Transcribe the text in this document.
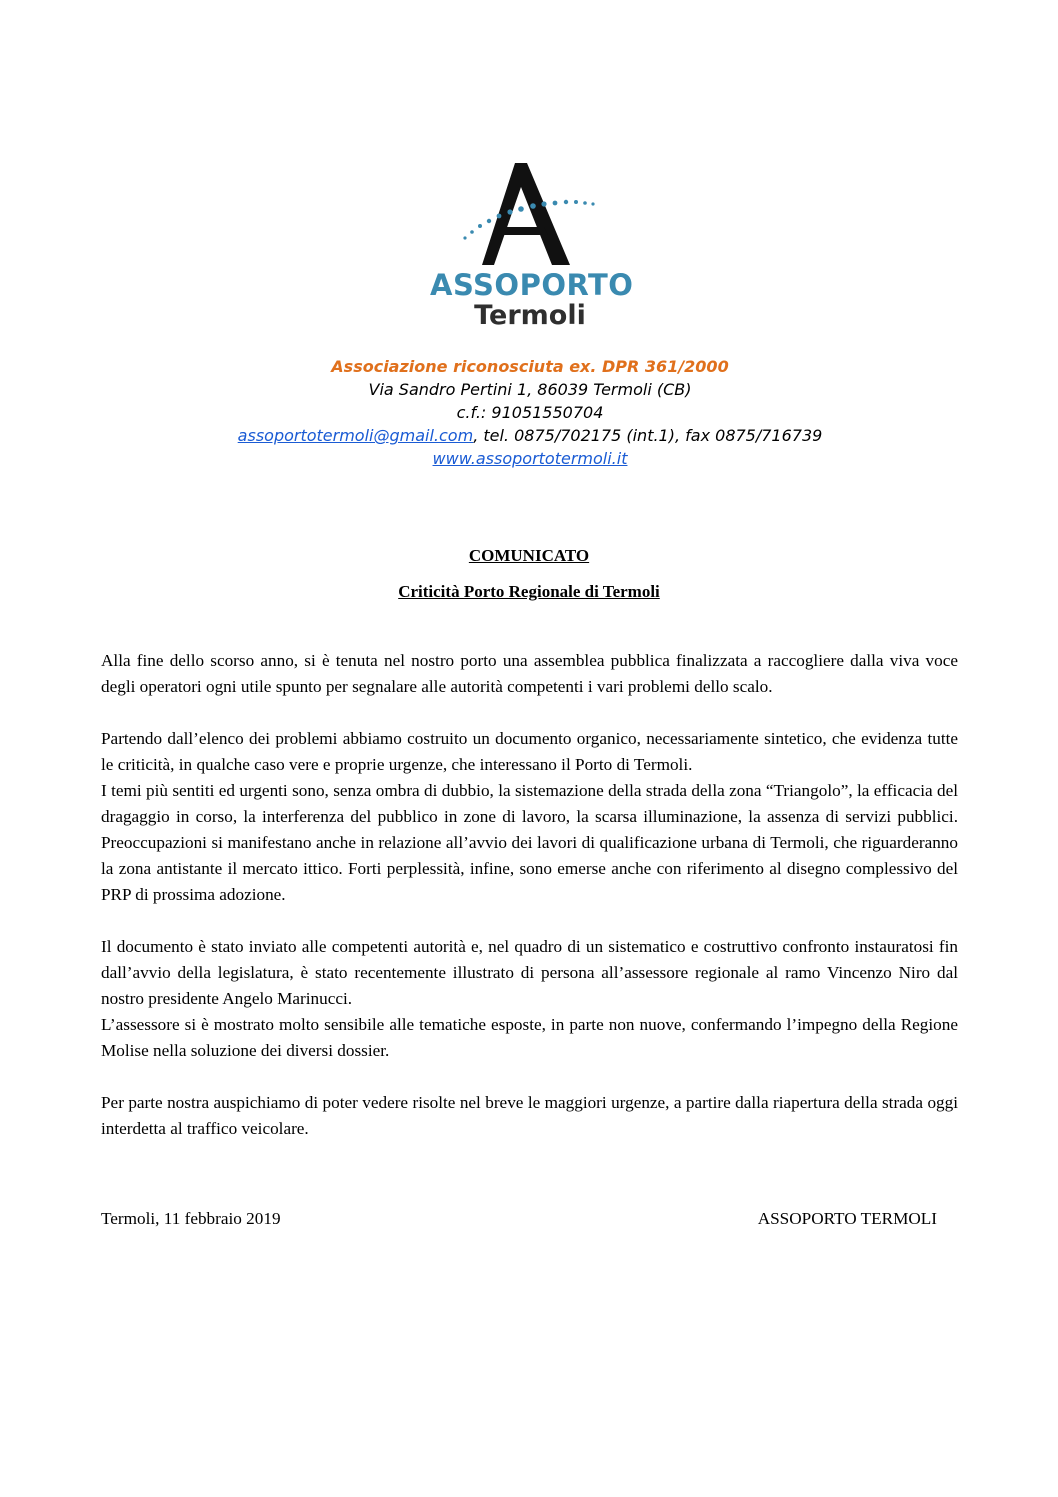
ASSOPORTO
Termoli
Associazione riconosciuta ex. DPR 361/2000
Via Sandro Pertini 1, 86039 Termoli (CB)
c.f.: 91051550704
assoportotermoli@gmail.com, tel. 0875/702175 (int.1), fax 0875/716739
www.assoportotermoli.it
COMUNICATO
Criticità Porto Regionale di Termoli

Alla fine dello scorso anno, si è tenuta nel nostro porto una assemblea pubblica finalizzata a raccogliere dalla viva voce degli operatori ogni utile spunto per segnalare alle autorità competenti i vari problemi dello scalo.

Partendo dall’elenco dei problemi abbiamo costruito un documento organico, necessariamente sintetico, che evidenza tutte le criticità, in qualche caso vere e proprie urgenze, che interessano il Porto di Termoli.

I temi più sentiti ed urgenti sono, senza ombra di dubbio, la sistemazione della strada della zona “Triangolo”, la efficacia del dragaggio in corso, la interferenza del pubblico in zone di lavoro, la scarsa illuminazione, la assenza di servizi pubblici. Preoccupazioni si manifestano anche in relazione all’avvio dei lavori di qualificazione urbana di Termoli, che riguarderanno la zona antistante il mercato ittico. Forti perplessità, infine, sono emerse anche con riferimento al disegno complessivo del PRP di prossima adozione.

Il documento è stato inviato alle competenti autorità e, nel quadro di un sistematico e costruttivo confronto instauratosi fin dall’avvio della legislatura, è stato recentemente illustrato di persona all’assessore regionale al ramo Vincenzo Niro dal nostro presidente Angelo Marinucci.

L’assessore si è mostrato molto sensibile alle tematiche esposte, in parte non nuove, confermando l’impegno della Regione Molise nella soluzione dei diversi dossier.

Per parte nostra auspichiamo di poter vedere risolte nel breve le maggiori urgenze, a partire dalla riapertura della strada oggi interdetta al traffico veicolare.

Termoli, 11 febbraio 2019	ASSOPORTO TERMOLI
